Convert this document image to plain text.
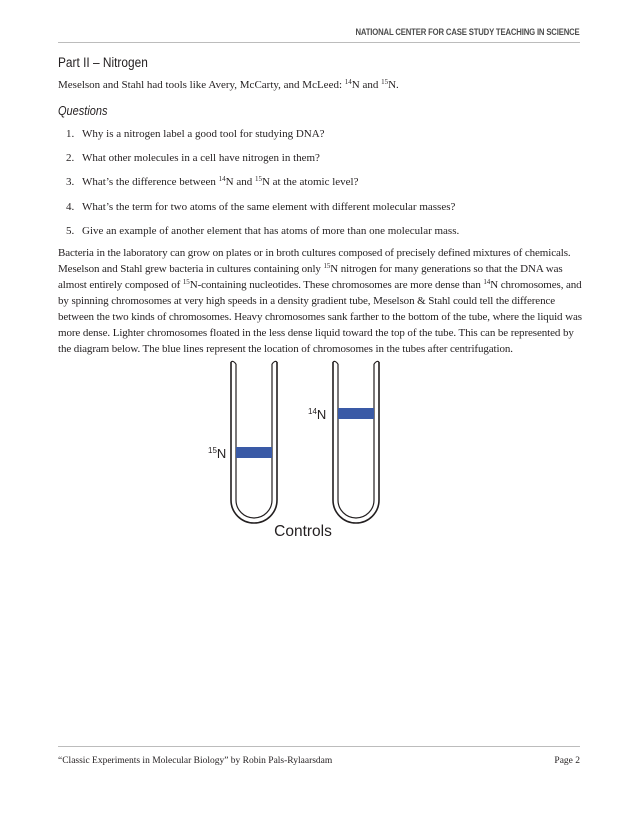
NATIONAL CENTER FOR CASE STUDY TEACHING IN SCIENCE
Part II – Nitrogen
Meselson and Stahl had tools like Avery, McCarty, and McLeed: $^{14}$N and $^{15}$N.
Questions
1. Why is a nitrogen label a good tool for studying DNA?
2. What other molecules in a cell have nitrogen in them?
3. What’s the difference between $^{14}$N and $^{15}$N at the atomic level?
4. What’s the term for two atoms of the same element with different molecular masses?
5. Give an example of another element that has atoms of more than one molecular mass.

Bacteria in the laboratory can grow on plates or in broth cultures composed of precisely defined mixtures of chemicals. Meselson and Stahl grew bacteria in cultures containing only $^{15}$N nitrogen for many generations so that the DNA was almost entirely composed of $^{15}$N-containing nucleotides. These chromosomes are more dense than $^{14}$N chromosomes, and by spinning chromosomes at very high speeds in a density gradient tube, Meselson & Stahl could tell the difference between the two kinds of chromosomes. Heavy chromosomes sank farther to the bottom of the tube, where the liquid was more dense. Lighter chromosomes floated in the less dense liquid toward the top of the tube. This can be represented by the diagram below. The blue lines represent the location of chromosomes in the tubes after centrifugation.

$^{15}$N
$^{14}$N
Controls
“Classic Experiments in Molecular Biology” by Robin Pals-Rylaarsdam	Page 2
